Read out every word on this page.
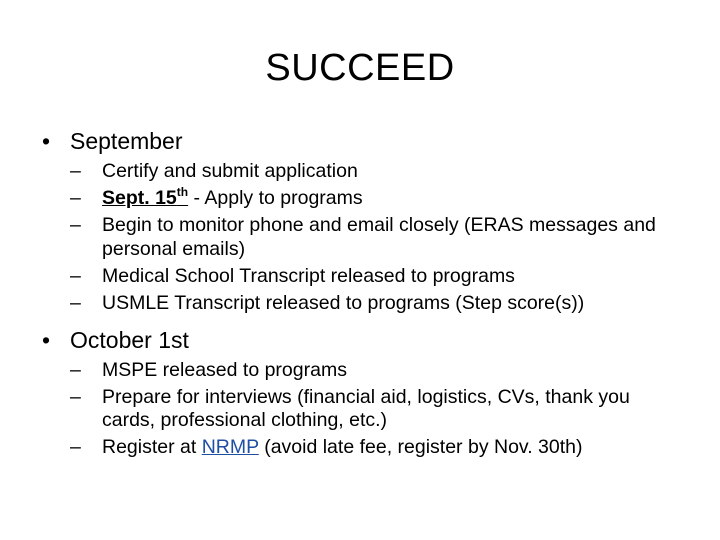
SUCCEED
• September
– Certify and submit application
– Sept. 15th - Apply to programs
– Begin to monitor phone and email closely (ERAS messages and personal emails)
– Medical School Transcript released to programs
– USMLE Transcript released to programs (Step score(s))
• October 1st
– MSPE released to programs
– Prepare for interviews (financial aid, logistics, CVs, thank you cards, professional clothing, etc.)
– Register at NRMP (avoid late fee, register by Nov. 30th)
